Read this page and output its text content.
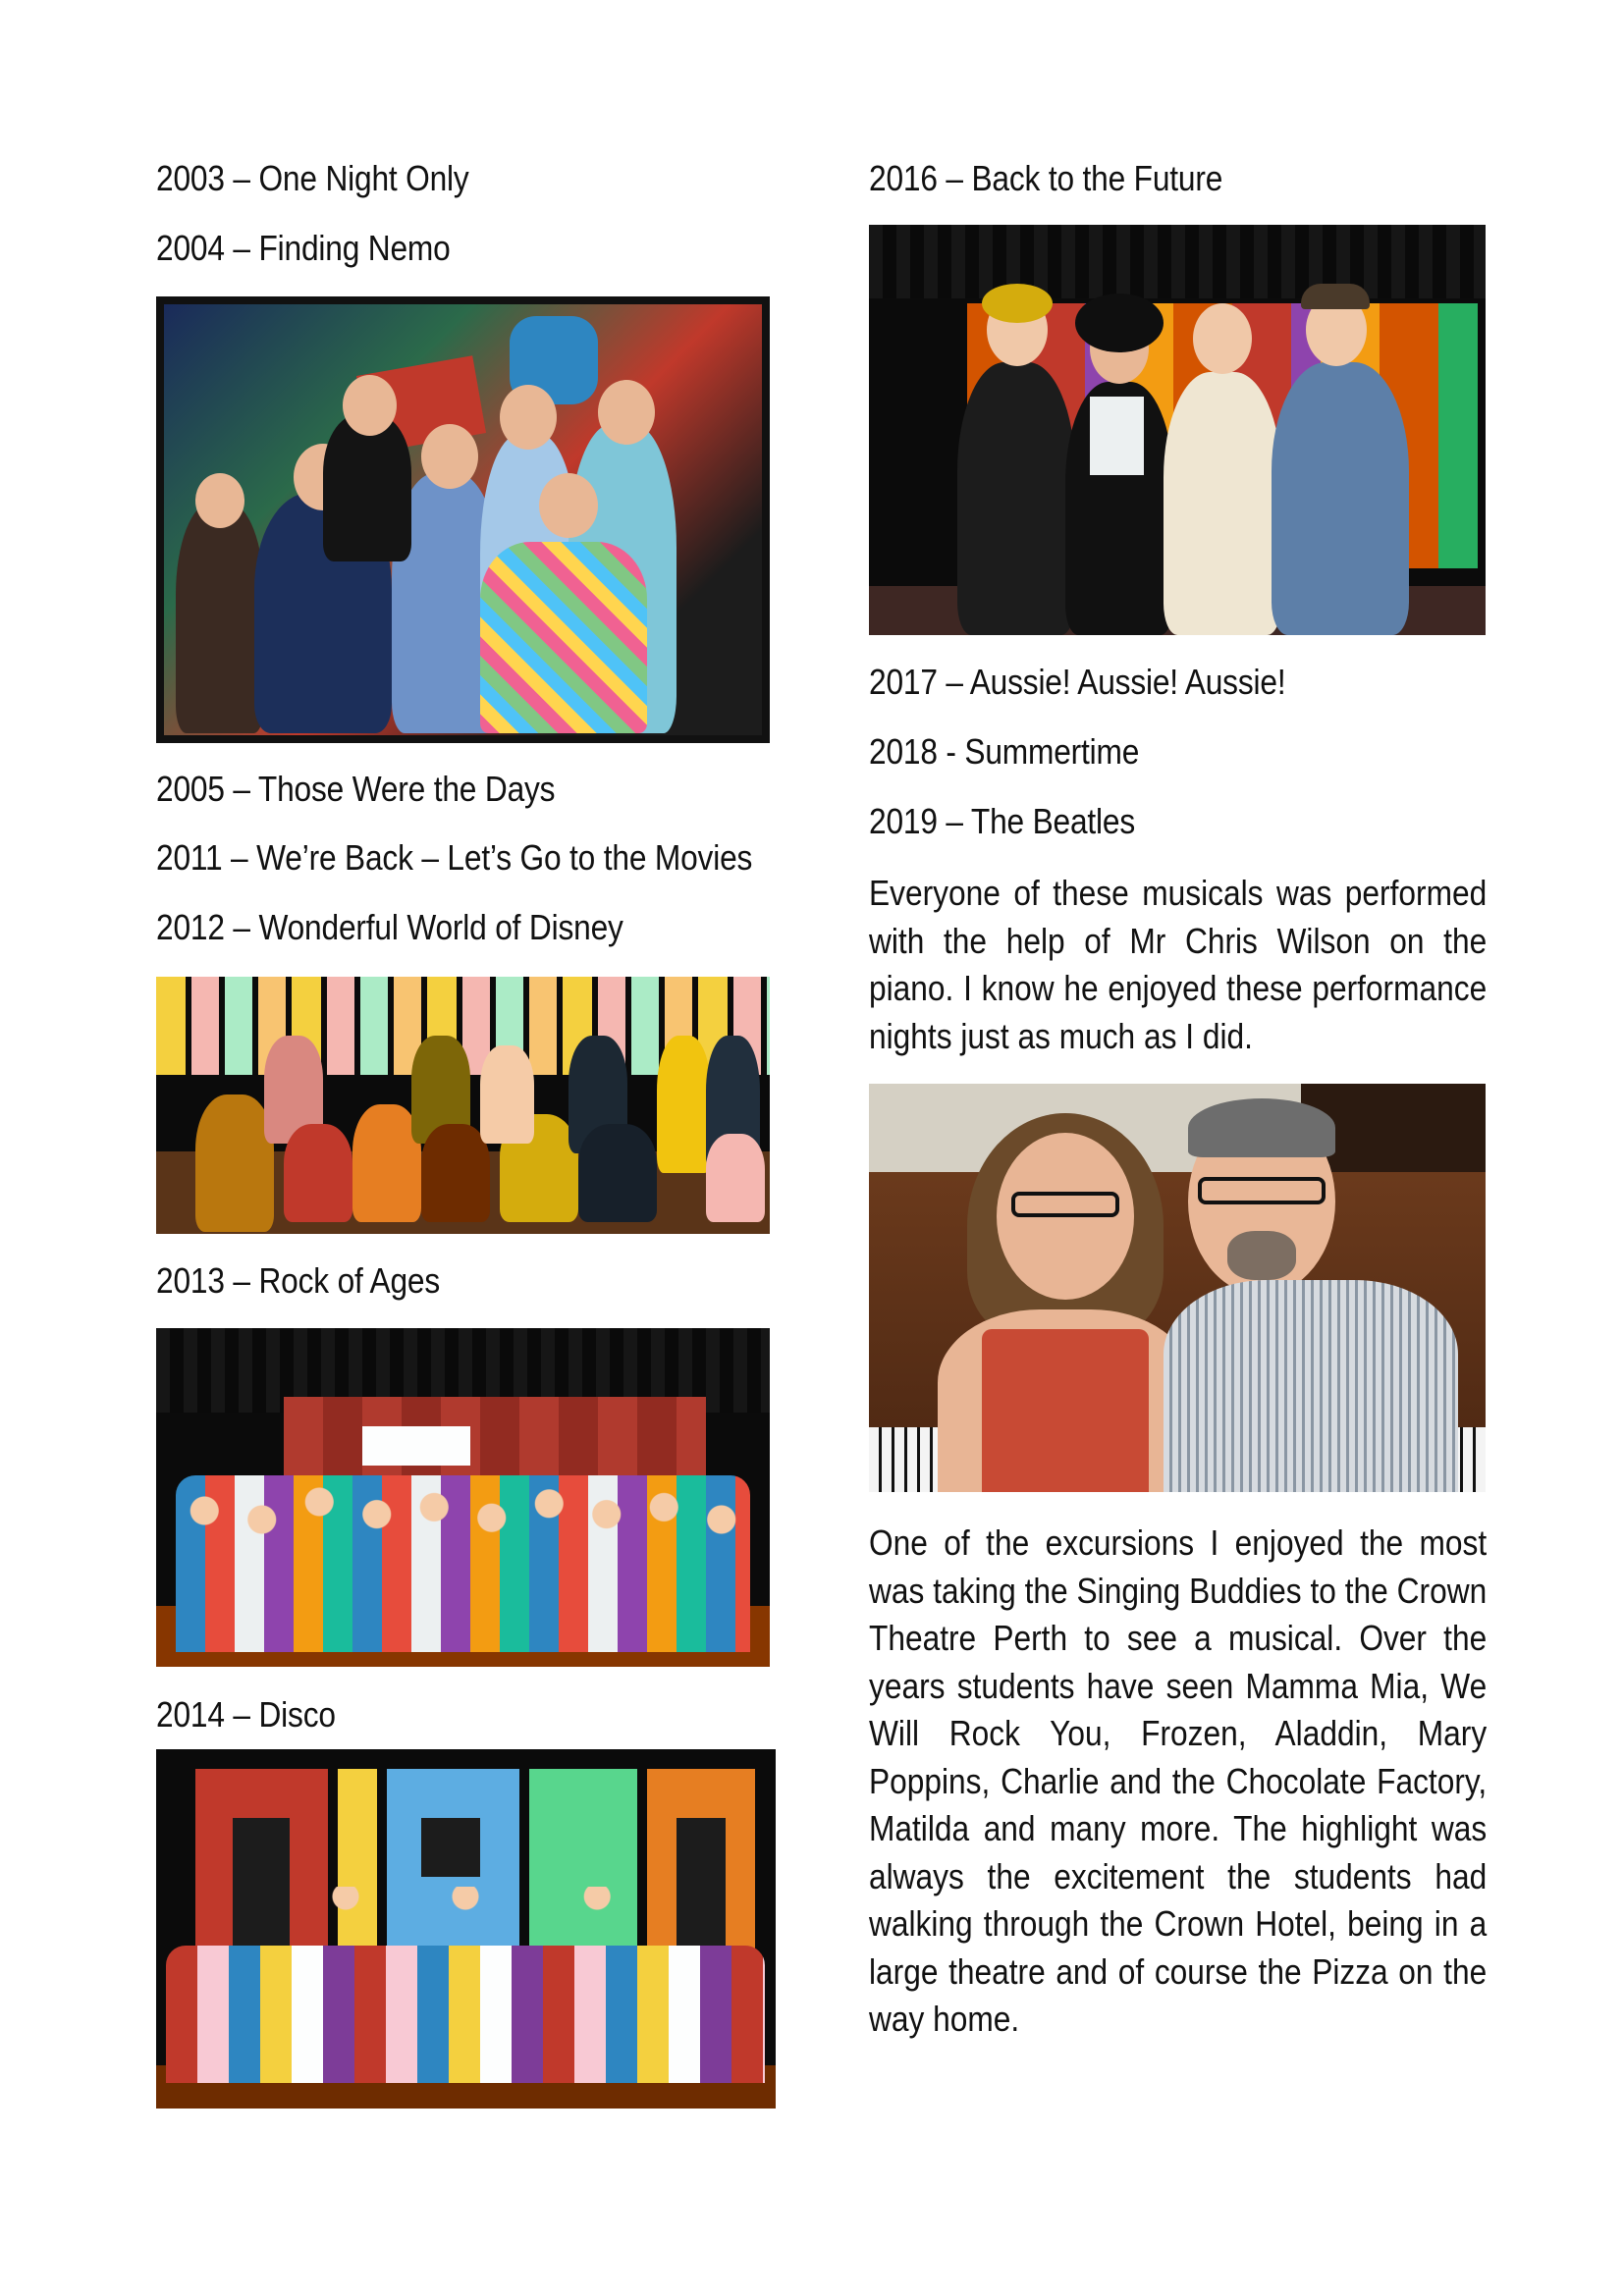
2003 – One Night Only

2004 – Finding Nemo

2005 – Those Were the Days

2011 – We’re Back – Let’s Go to the Movies

2012 – Wonderful World of Disney

2013 – Rock of Ages

2014 – Disco

2016 – Back to the Future

2017 – Aussie! Aussie! Aussie!

2018 - Summertime

2019 – The Beatles

Everyone of these musicals was performed with the help of Mr Chris Wilson on the piano. I know he enjoyed these performance nights just as much as I did.

One of the excursions I enjoyed the most was taking the Singing Buddies to the Crown Theatre Perth to see a musical. Over the years students have seen Mamma Mia, We Will Rock You, Frozen, Aladdin, Mary Poppins, Charlie and the Chocolate Factory, Matilda and many more. The highlight was always the excitement the students had walking through the Crown Hotel, being in a large theatre and of course the Pizza on the way home.
